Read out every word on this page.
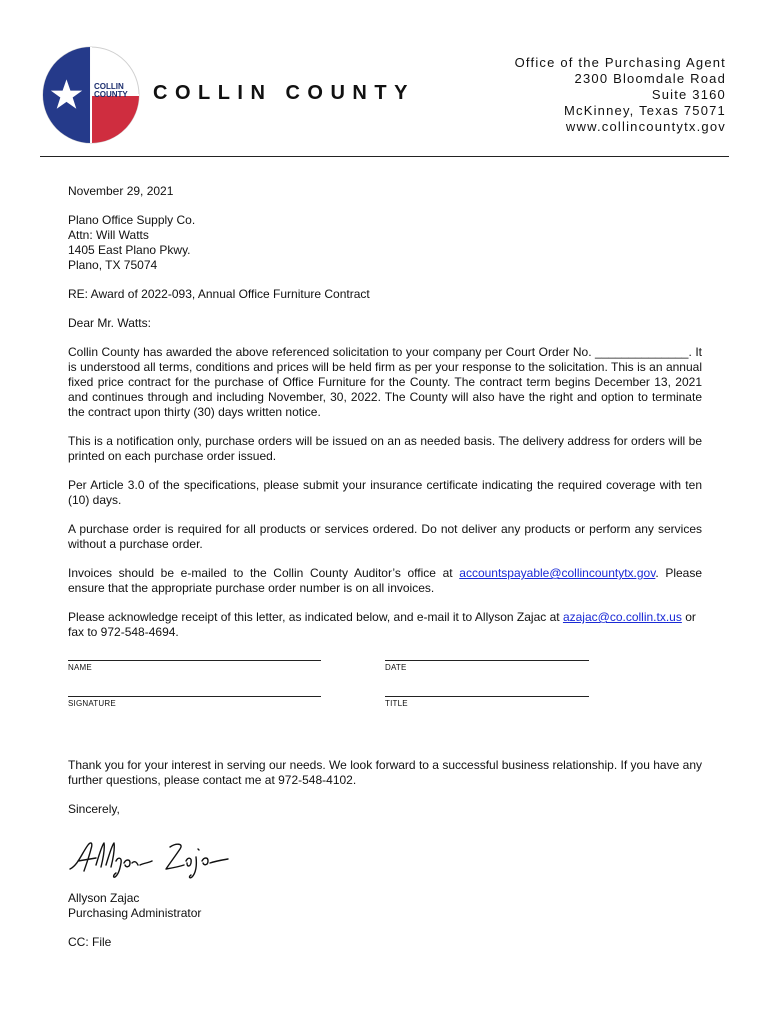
COLLIN
COUNTY COLLIN COUNTY
Office of the Purchasing Agent
2300 Bloomdale Road
Suite 3160
McKinney, Texas 75071
www.collincountytx.gov

November 29, 2021

Plano Office Supply Co.
Attn: Will Watts
1405 East Plano Pkwy.
Plano, TX 75074

RE: Award of 2022-093, Annual Office Furniture Contract

Dear Mr. Watts:

Collin County has awarded the above referenced solicitation to your company per Court Order No. ______________. It is understood all terms, conditions and prices will be held firm as per your response to the solicitation. This is an annual fixed price contract for the purchase of Office Furniture for the County. The contract term begins December 13, 2021 and continues through and including November, 30, 2022. The County will also have the right and option to terminate the contract upon thirty (30) days written notice.

This is a notification only, purchase orders will be issued on an as needed basis. The delivery address for orders will be printed on each purchase order issued.

Per Article 3.0 of the specifications, please submit your insurance certificate indicating the required coverage with ten (10) days.

A purchase order is required for all products or services ordered. Do not deliver any products or perform any services without a purchase order.

Invoices should be e-mailed to the Collin County Auditor’s office at accountspayable@collincountytx.gov. Please ensure that the appropriate purchase order number is on all invoices.

Please acknowledge receipt of this letter, as indicated below, and e-mail it to Allyson Zajac at azajac@co.collin.tx.us or fax to 972-548-4694.

NAME	DATE
SIGNATURE	TITLE

Thank you for your interest in serving our needs. We look forward to a successful business relationship. If you have any further questions, please contact me at 972-548-4102.

Sincerely,

Allyson Zajac
Purchasing Administrator

CC: File
